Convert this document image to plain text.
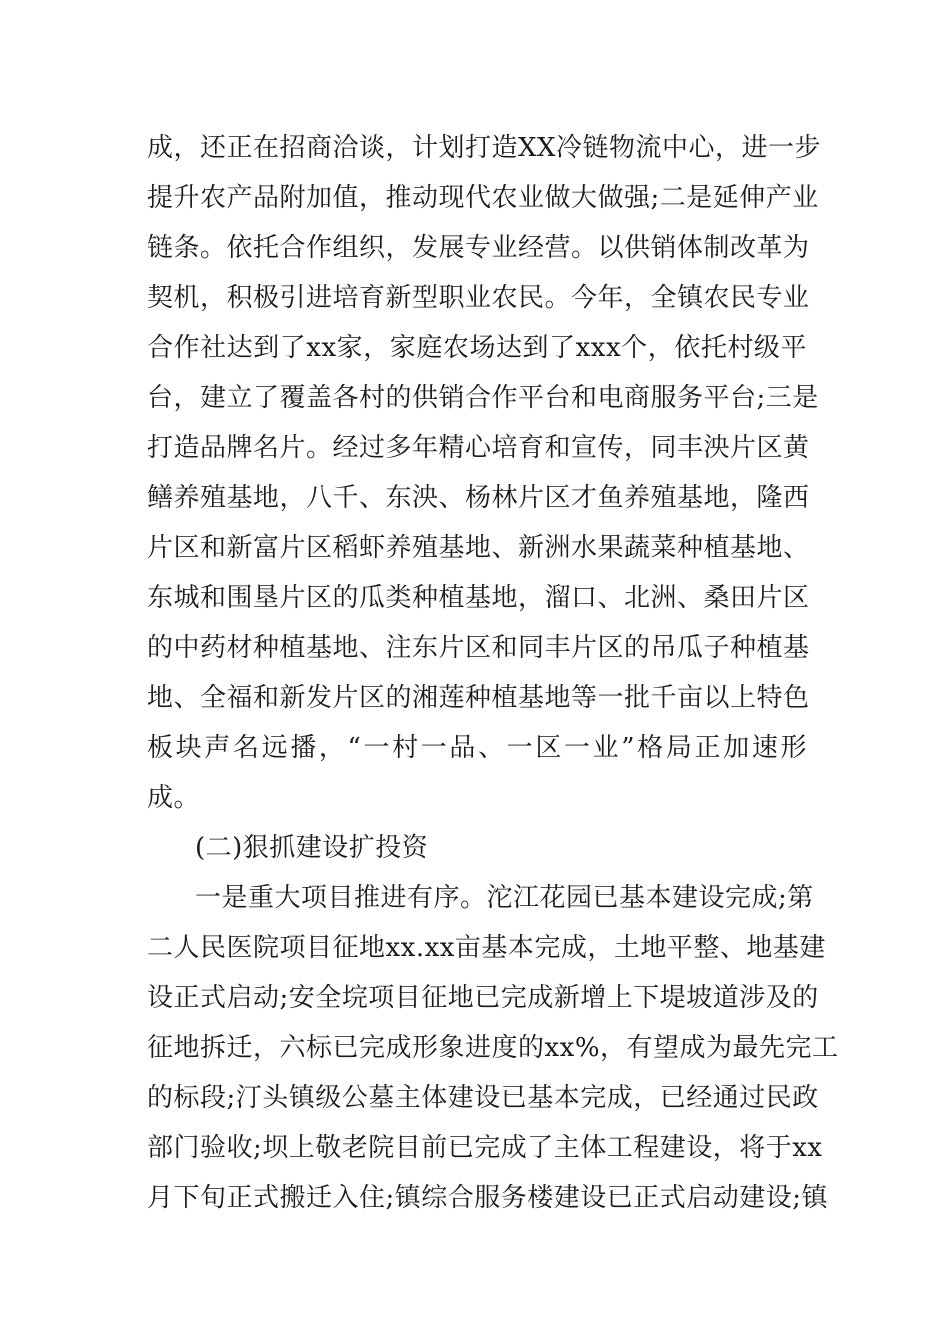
成，还正在招商洽谈，计划打造XX冷链物流中心，进一步
提升农产品附加值，推动现代农业做大做强;二是延伸产业
链条。依托合作组织，发展专业经营。以供销体制改革为
契机，积极引进培育新型职业农民。今年，全镇农民专业
合作社达到了xx家，家庭农场达到了xxx个，依托村级平
台，建立了覆盖各村的供销合作平台和电商服务平台;三是
打造品牌名片。经过多年精心培育和宣传，同丰泱片区黄
鳝养殖基地，八千、东泱、杨林片区才鱼养殖基地，隆西
片区和新富片区稻虾养殖基地、新洲水果蔬菜种植基地、
东城和围垦片区的瓜类种植基地，溜口、北洲、桑田片区
的中药材种植基地、注东片区和同丰片区的吊瓜子种植基
地、全福和新发片区的湘莲种植基地等一批千亩以上特色
板块声名远播，“一村一品、一区一业”格局正加速形
成。
(二)狠抓建设扩投资
一是重大项目推进有序。沱江花园已基本建设完成;第
二人民医院项目征地xx.xx亩基本完成，土地平整、地基建
设正式启动;安全垸项目征地已完成新增上下堤坡道涉及的
征地拆迁，六标已完成形象进度的xx%，有望成为最先完工
的标段;汀头镇级公墓主体建设已基本完成，已经通过民政
部门验收;坝上敬老院目前已完成了主体工程建设，将于xx
月下旬正式搬迁入住;镇综合服务楼建设已正式启动建设;镇
